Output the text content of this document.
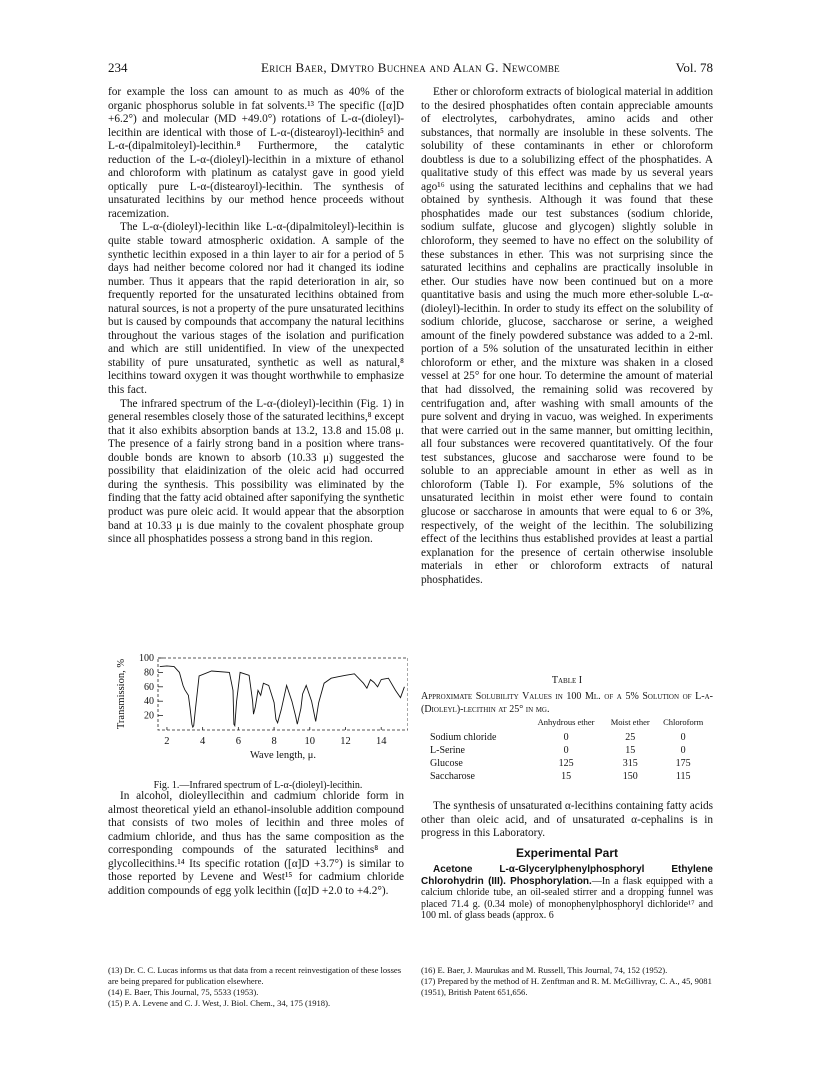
234	Erich Baer, Dmytro Buchnea and Alan G. Newcombe	Vol. 78

for example the loss can amount to as much as 40% of the organic phosphorus soluble in fat solvents.¹³ The specific ([α]D +6.2°) and molecular (MD +49.0°) rotations of L-α-(dioleyl)-lecithin are identical with those of L-α-(distearoyl)-lecithin⁵ and L-α-(dipalmitoleyl)-lecithin.⁸ Furthermore, the catalytic reduction of the L-α-(dioleyl)-lecithin in a mixture of ethanol and chloroform with platinum as catalyst gave in good yield optically pure L-α-(distearoyl)-lecithin. The synthesis of unsaturated lecithins by our method hence proceeds without racemization.

The L-α-(dioleyl)-lecithin like L-α-(dipalmitoleyl)-lecithin is quite stable toward atmospheric oxidation. A sample of the synthetic lecithin exposed in a thin layer to air for a period of 5 days had neither become colored nor had it changed its iodine number. Thus it appears that the rapid deterioration in air, so frequently reported for the unsaturated lecithins obtained from natural sources, is not a property of the pure unsaturated lecithins but is caused by compounds that accompany the natural lecithins throughout the various stages of the isolation and purification and which are still unidentified. In view of the unexpected stability of pure unsaturated, synthetic as well as natural,⁸ lecithins toward oxygen it was thought worthwhile to emphasize this fact.

The infrared spectrum of the L-α-(dioleyl)-lecithin (Fig. 1) in general resembles closely those of the saturated lecithins,⁸ except that it also exhibits absorption bands at 13.2, 13.8 and 15.08 μ. The presence of a fairly strong band in a position where trans-double bonds are known to absorb (10.33 μ) suggested the possibility that elaidinization of the oleic acid had occurred during the synthesis. This possibility was eliminated by the finding that the fatty acid obtained after saponifying the synthetic product was pure oleic acid. It would appear that the absorption band at 10.33 μ is due mainly to the covalent phosphate group since all phosphatides possess a strong band in this region.

100
80
60
40
20
2	4	6	8	10 12 14
Wave length, μ.
Transmission, %
Fig. 1.—Infrared spectrum of L-α-(dioleyl)-lecithin.

In alcohol, dioleyllecithin and cadmium chloride form in almost theoretical yield an ethanol-insoluble addition compound that consists of two moles of lecithin and three moles of cadmium chloride, and thus has the same composition as the corresponding compounds of the saturated lecithins⁸ and glycollecithins.¹⁴ Its specific rotation ([α]D +3.7°) is similar to those reported by Levene and West¹⁵ for cadmium chloride addition compounds of egg yolk lecithin ([α]D +2.0 to +4.2°).

(13) Dr. C. C. Lucas informs us that data from a recent reinvestigation of these losses are being prepared for publication elsewhere.
(14) E. Baer, This Journal, 75, 5533 (1953).
(15) P. A. Levene and C. J. West, J. Biol. Chem., 34, 175 (1918).

Ether or chloroform extracts of biological material in addition to the desired phosphatides often contain appreciable amounts of electrolytes, carbohydrates, amino acids and other substances, that normally are insoluble in these solvents. The solubility of these contaminants in ether or chloroform doubtless is due to a solubilizing effect of the phosphatides. A qualitative study of this effect was made by us several years ago¹⁶ using the saturated lecithins and cephalins that we had obtained by synthesis. Although it was found that these phosphatides made our test substances (sodium chloride, sodium sulfate, glucose and glycogen) slightly soluble in chloroform, they seemed to have no effect on the solubility of these substances in ether. This was not surprising since the saturated lecithins and cephalins are practically insoluble in ether. Our studies have now been continued but on a more quantitative basis and using the much more ether-soluble L-α-(dioleyl)-lecithin. In order to study its effect on the solubility of sodium chloride, glucose, saccharose or serine, a weighed amount of the finely powdered substance was added to a 2-ml. portion of a 5% solution of the unsaturated lecithin in either chloroform or ether, and the mixture was shaken in a closed vessel at 25° for one hour. To determine the amount of material that had dissolved, the remaining solid was recovered by centrifugation and, after washing with small amounts of the pure solvent and drying in vacuo, was weighed. In experiments that were carried out in the same manner, but omitting lecithin, all four substances were recovered quantitatively. Of the four test substances, glucose and saccharose were found to be soluble to an appreciable amount in ether as well as in chloroform (Table I). For example, 5% solutions of the unsaturated lecithin in moist ether were found to contain glucose or saccharose in amounts that were equal to 6 or 3%, respectively, of the weight of the lecithin. The solubilizing effect of the lecithins thus established provides at least a partial explanation for the presence of certain otherwise insoluble materials in ether or chloroform extracts of natural phosphatides.

Table I
Approximate Solubility Values in 100 Ml. of a 5% Solution of L-α-(Dioleyl)-lecithin at 25° in mg.
	Anhydrous ether	Moist ether	Chloroform
Sodium chloride	0	25	0
L-Serine	0	15	0
Glucose	125	315	175
Saccharose	15	150	115

The synthesis of unsaturated α-lecithins containing fatty acids other than oleic acid, and of unsaturated α-cephalins is in progress in this Laboratory.

Experimental Part

Acetone L-α-Glycerylphenylphosphoryl Ethylene Chlorohydrin (III). Phosphorylation.—In a flask equipped with a calcium chloride tube, an oil-sealed stirrer and a dropping funnel was placed 71.4 g. (0.34 mole) of monophenylphosphoryl dichloride¹⁷ and 100 ml. of glass beads (approx. 6

(16) E. Baer, J. Maurukas and M. Russell, This Journal, 74, 152 (1952).
(17) Prepared by the method of H. Zenftman and R. M. McGillivray, C. A., 45, 9081 (1951), British Patent 651,656.
